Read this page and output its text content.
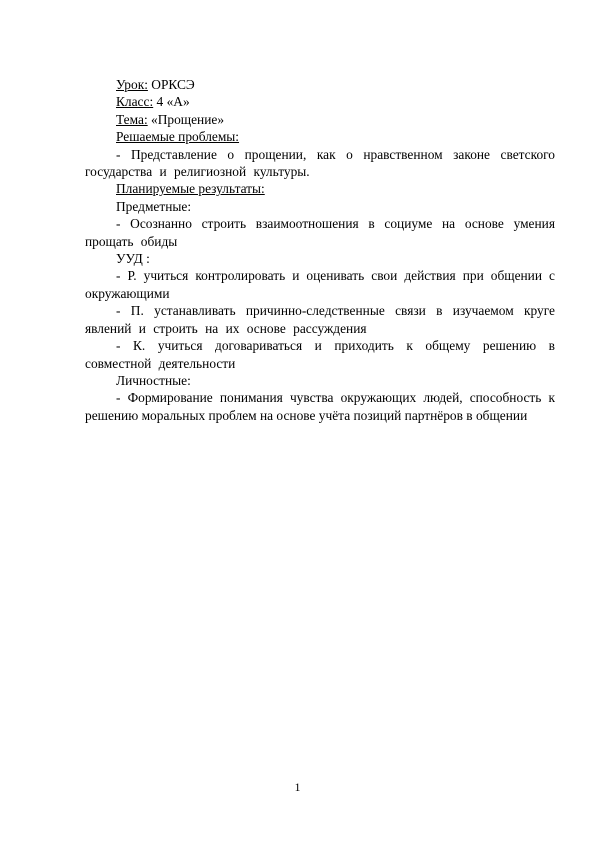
Урок: ОРКСЭ
Класс: 4 «А»
Тема: «Прощение»
Решаемые проблемы:
- Представление о прощении, как о нравственном законе светского государства и религиозной культуры.
Планируемые результаты:
Предметные:
- Осознанно строить взаимоотношения в социуме на основе умения прощать обиды
УУД :
- Р. учиться контролировать и оценивать свои действия при общении с окружающими
- П. устанавливать причинно-следственные связи в изучаемом круге явлений и строить на их основе рассуждения
- К. учиться договариваться и приходить к общему решению в совместной деятельности
Личностные:
- Формирование понимания чувства окружающих людей, способность к решению моральных проблем на основе учёта позиций партнёров в общении
1
